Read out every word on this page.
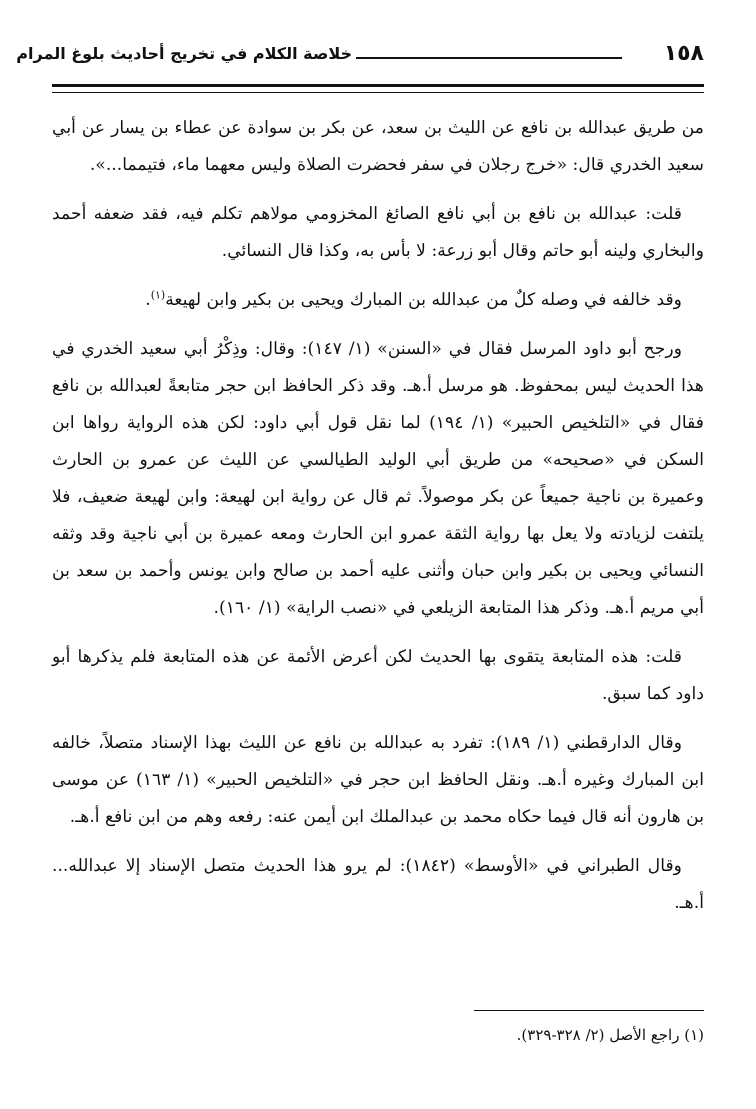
١٥٨
خلاصة الكلام في تخريج أحاديث بلوغ المرام

من طريق عبدالله بن نافع عن الليث بن سعد، عن بكر بن سوادة عن عطاء بن يسار عن أبي سعيد الخدري قال: «خرج رجلان في سفر فحضرت الصلاة وليس معهما ماء، فتيمما...».

قلت: عبدالله بن نافع بن أبي نافع الصائغ المخزومي مولاهم تكلم فيه، فقد ضعفه أحمد والبخاري ولينه أبو حاتم وقال أبو زرعة: لا بأس به، وكذا قال النسائي.

وقد خالفه في وصله كلٌ من عبدالله بن المبارك ويحيى بن بكير وابن لهيعة$^{(١)}$.

ورجح أبو داود المرسل فقال في «السنن» (١/ ١٤٧): وقال: وذِكْرُ أبي سعيد الخدري في هذا الحديث ليس بمحفوظ. هو مرسل أ.هـ. وقد ذكر الحافظ ابن حجر متابعةً لعبدالله بن نافع فقال في «التلخيص الحبير» (١/ ١٩٤) لما نقل قول أبي داود: لكن هذه الرواية رواها ابن السكن في «صحيحه» من طريق أبي الوليد الطيالسي عن الليث عن عمرو بن الحارث وعميرة بن ناجية جميعاً عن بكر موصولاً. ثم قال عن رواية ابن لهيعة: وابن لهيعة ضعيف، فلا يلتفت لزيادته ولا يعل بها رواية الثقة عمرو ابن الحارث ومعه عميرة بن أبي ناجية وقد وثقه النسائي ويحيى بن بكير وابن حبان وأثنى عليه أحمد بن صالح وابن يونس وأحمد بن سعد بن أبي مريم أ.هـ. وذكر هذا المتابعة الزيلعي في «نصب الراية» (١/ ١٦٠).

قلت: هذه المتابعة يتقوى بها الحديث لكن أعرض الأئمة عن هذه المتابعة فلم يذكرها أبو داود كما سبق.

وقال الدارقطني (١/ ١٨٩): تفرد به عبدالله بن نافع عن الليث بهذا الإسناد متصلاً، خالفه ابن المبارك وغيره أ.هـ. ونقل الحافظ ابن حجر في «التلخيص الحبير» (١/ ١٦٣) عن موسى بن هارون أنه قال فيما حكاه محمد بن عبدالملك ابن أيمن عنه: رفعه وهم من ابن نافع أ.هـ.

وقال الطبراني في «الأوسط» (١٨٤٢): لم يرو هذا الحديث متصل الإسناد إلا عبدالله... أ.هـ.

(١) راجع الأصل (٢/ ٣٢٨-٣٢٩).
